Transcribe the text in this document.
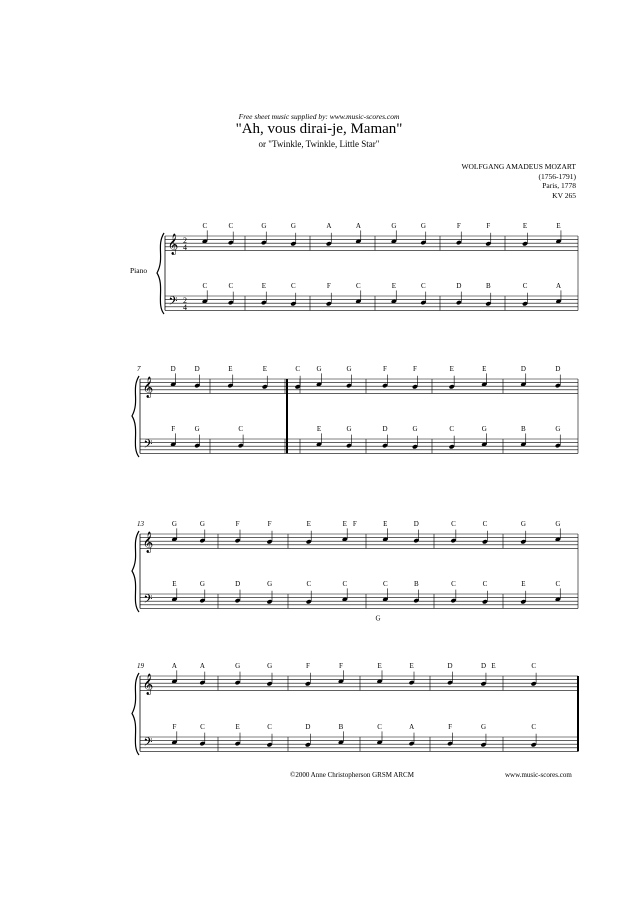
Free sheet music supplied by: www.music-scores.com
"Ah, vous dirai-je, Maman"
or "Twinkle, Twinkle, Little Star"
WOLFGANG AMADEUS MOZART
(1756-1791)
Paris, 1778
KV 265
Piano
𝄞
𝄢
2
4
2
4
C	C	G	G	A	A	G	G	F	F	E	E
C	C	E	C	F	C	E	C	D	B	C	A
𝄞
𝄢
7	D	D	E	E	C G	G	F	F	E	E	D	D
F	G	C	E	G	D	G	C	G	B	G
𝄞
𝄢
13	G	G	F	F	E	E F	E	D	C	C	G	G
E	G	D	G	C	C	C	B	C	C	E	C
G
𝄞
𝄢
19	A	A	G	G	F	F	E	E	D	D E	C
F	C	E	C	D	B	C	A	F	G	C
©2000 Anne Christopherson GRSM ARCM	www.music-scores.com
